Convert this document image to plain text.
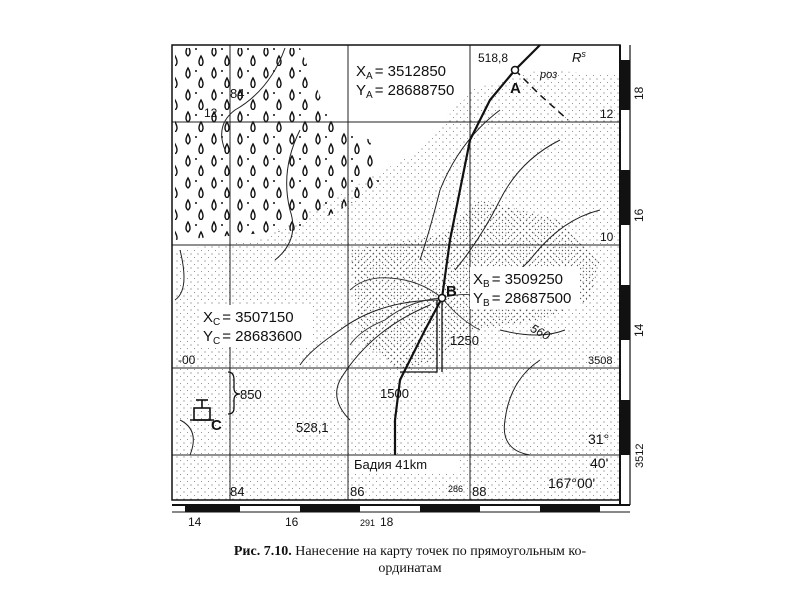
$X_A = 3512850$
$Y_A = 28688750$
$X_B = 3509250$
$Y_B = 28687500$
$X_C = 3507150$
$Y_C = 28683600$
A
B
C
$R^s$
роз
518,8
528,1
560
1250
1500
850
Бадия 41km
84
12
-00
12
10
3508
84	86	286 88
31°
40'
167°00'
18
16
14
3512
14	16	291 18
Рис. 7.10. Нанесение на карту точек по прямоугольным ко-
ординатам
